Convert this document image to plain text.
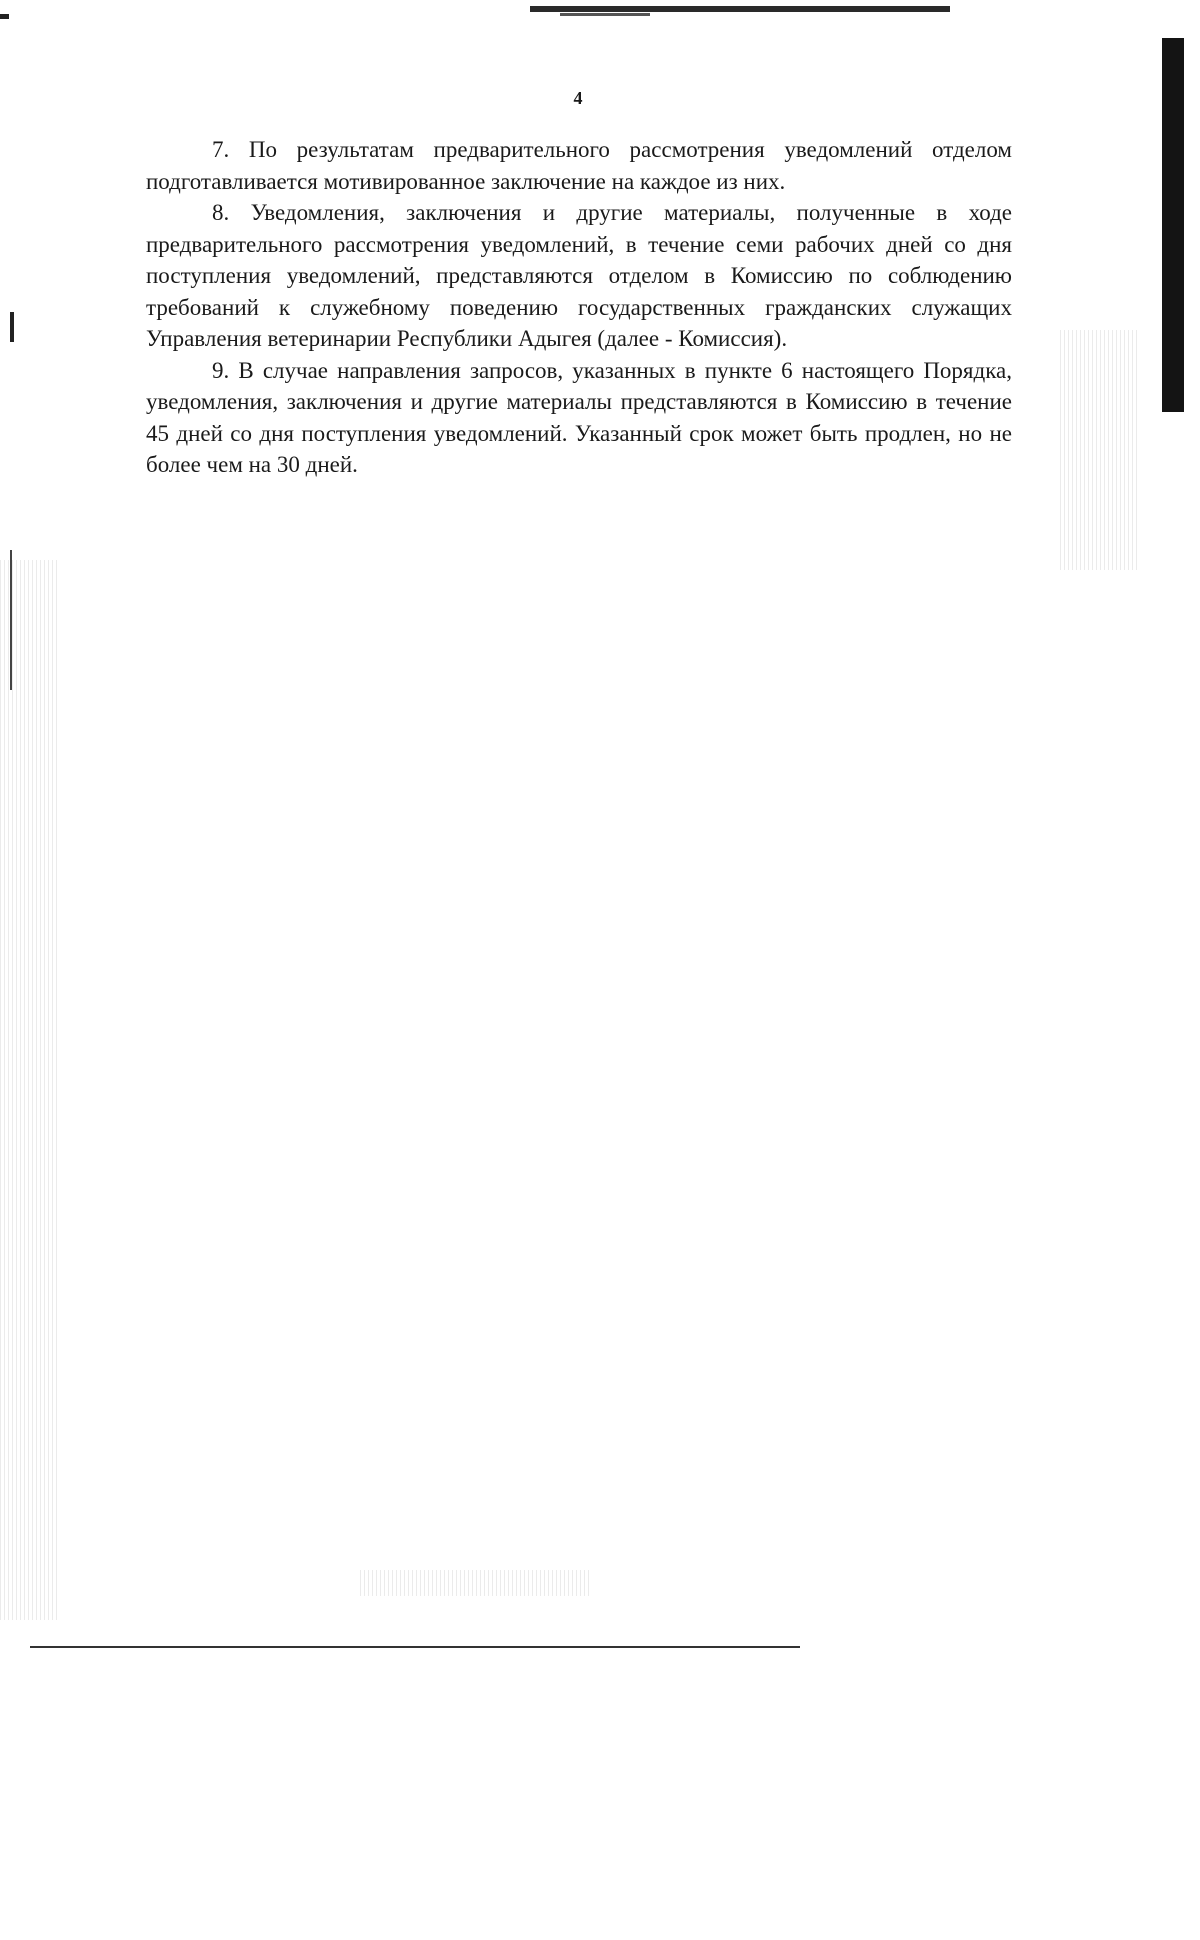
4

7. По результатам предварительного рассмотрения уведомлений отделом подготавливается мотивированное заключение на каждое из них.

8. Уведомления, заключения и другие материалы, полученные в ходе предварительного рассмотрения уведомлений, в течение семи рабочих дней со дня поступления уведомлений, представляются отделом в Комиссию по соблюдению требований к служебному поведению государственных гражданских служащих Управления ветеринарии Республики Адыгея (далее - Комиссия).

9. В случае направления запросов, указанных в пункте 6 настоящего Порядка, уведомления, заключения и другие материалы представляются в Комиссию в течение 45 дней со дня поступления уведомлений. Указанный срок может быть продлен, но не более чем на 30 дней.
